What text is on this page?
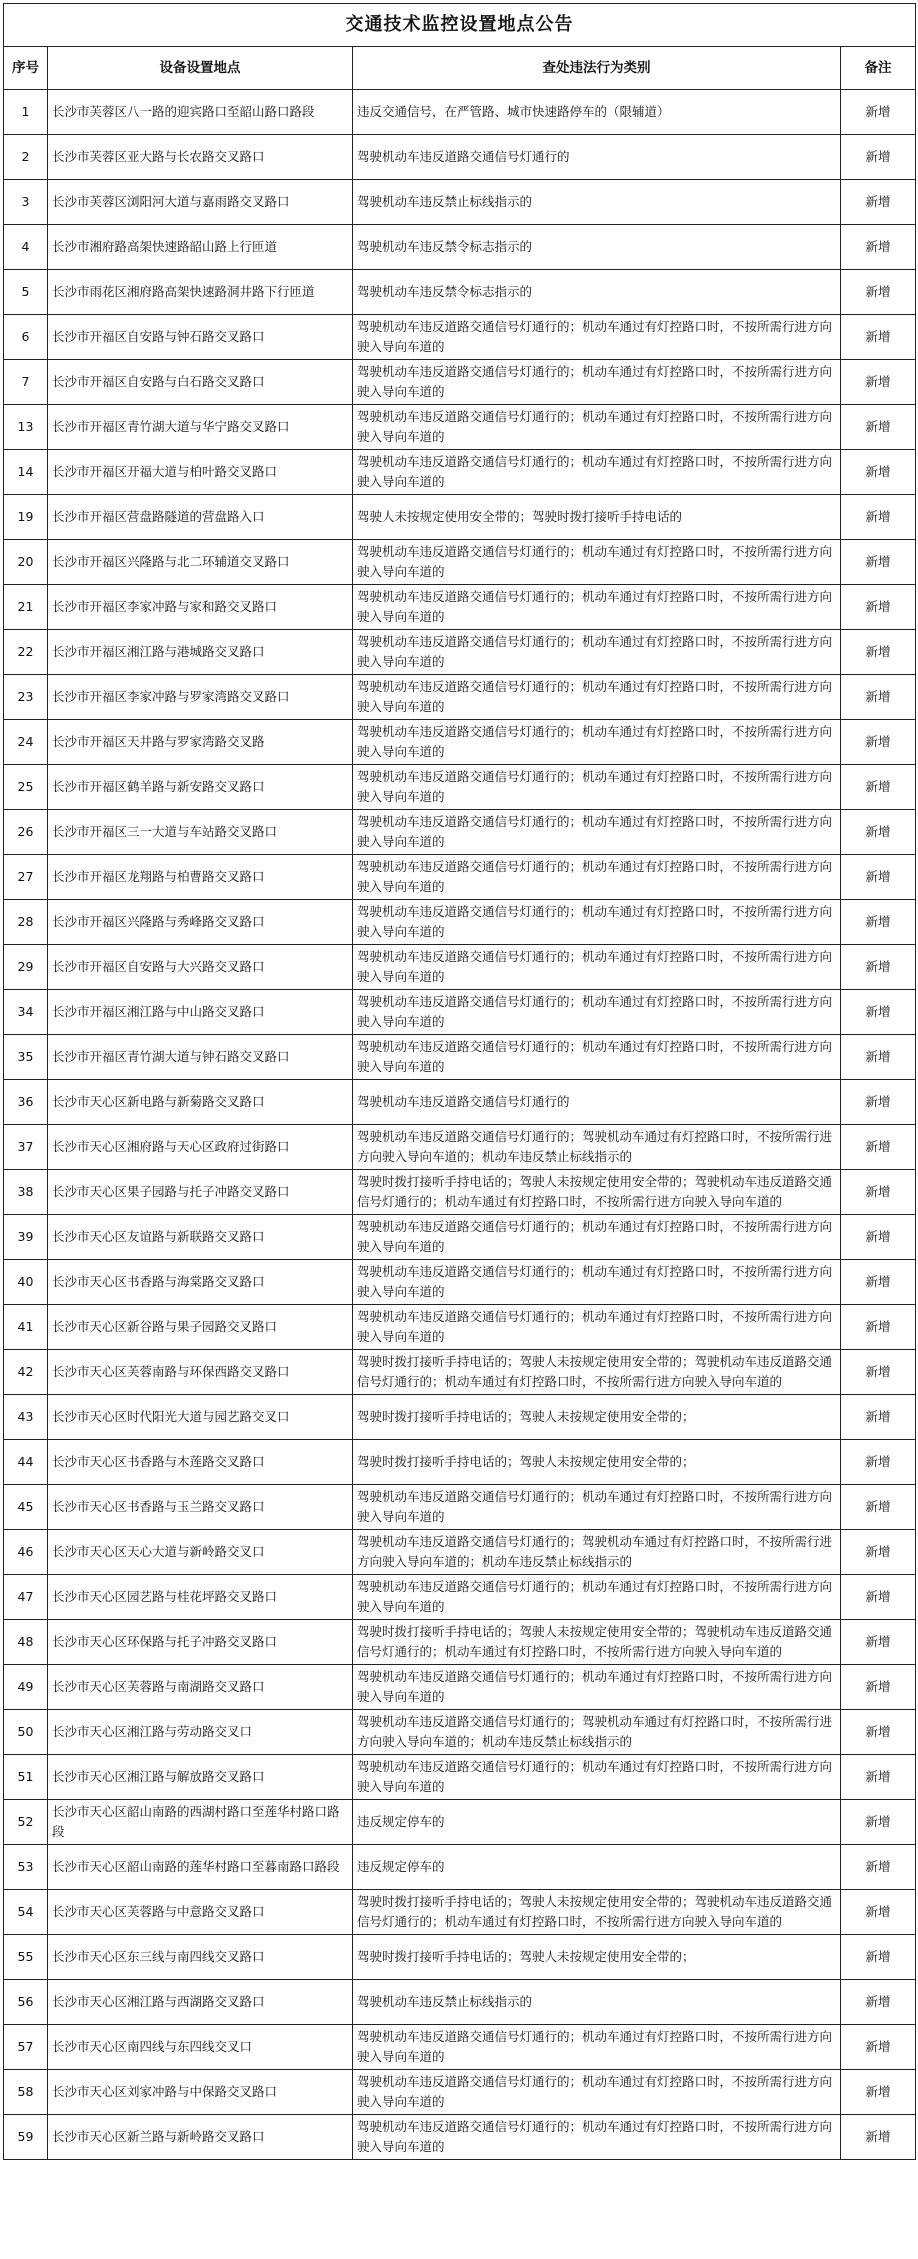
交通技术监控设置地点公告			
序号	设备设置地点	查处违法行为类别	备注
1	长沙市芙蓉区八一路的迎宾路口至韶山路口路段	违反交通信号，在严管路、城市快速路停车的（限辅道）	新增
2	长沙市芙蓉区亚大路与长农路交叉路口	驾驶机动车违反道路交通信号灯通行的	新增
3	长沙市芙蓉区浏阳河大道与嘉雨路交叉路口	驾驶机动车违反禁止标线指示的	新增
4	长沙市湘府路高架快速路韶山路上行匝道	驾驶机动车违反禁令标志指示的	新增
5	长沙市雨花区湘府路高架快速路洞井路下行匝道	驾驶机动车违反禁令标志指示的	新增
6	长沙市开福区自安路与钟石路交叉路口	驾驶机动车违反道路交通信号灯通行的；机动车通过有灯控路口时，不按所需行进方向驶入导向车道的	新增
7	长沙市开福区自安路与白石路交叉路口	驾驶机动车违反道路交通信号灯通行的；机动车通过有灯控路口时，不按所需行进方向驶入导向车道的	新增
13	长沙市开福区青竹湖大道与华宁路交叉路口	驾驶机动车违反道路交通信号灯通行的；机动车通过有灯控路口时，不按所需行进方向驶入导向车道的	新增
14	长沙市开福区开福大道与柏叶路交叉路口	驾驶机动车违反道路交通信号灯通行的；机动车通过有灯控路口时，不按所需行进方向驶入导向车道的	新增
19	长沙市开福区营盘路隧道的营盘路入口	驾驶人未按规定使用安全带的；驾驶时拨打接听手持电话的	新增
20	长沙市开福区兴隆路与北二环辅道交叉路口	驾驶机动车违反道路交通信号灯通行的；机动车通过有灯控路口时，不按所需行进方向驶入导向车道的	新增
21	长沙市开福区李家冲路与家和路交叉路口	驾驶机动车违反道路交通信号灯通行的；机动车通过有灯控路口时，不按所需行进方向驶入导向车道的	新增
22	长沙市开福区湘江路与港城路交叉路口	驾驶机动车违反道路交通信号灯通行的；机动车通过有灯控路口时，不按所需行进方向驶入导向车道的	新增
23	长沙市开福区李家冲路与罗家湾路交叉路口	驾驶机动车违反道路交通信号灯通行的；机动车通过有灯控路口时，不按所需行进方向驶入导向车道的	新增
24	长沙市开福区天井路与罗家湾路交叉路	驾驶机动车违反道路交通信号灯通行的；机动车通过有灯控路口时，不按所需行进方向驶入导向车道的	新增
25	长沙市开福区鹤羊路与新安路交叉路口	驾驶机动车违反道路交通信号灯通行的；机动车通过有灯控路口时，不按所需行进方向驶入导向车道的	新增
26	长沙市开福区三一大道与车站路交叉路口	驾驶机动车违反道路交通信号灯通行的；机动车通过有灯控路口时，不按所需行进方向驶入导向车道的	新增
27	长沙市开福区龙翔路与柏曹路交叉路口	驾驶机动车违反道路交通信号灯通行的；机动车通过有灯控路口时，不按所需行进方向驶入导向车道的	新增
28	长沙市开福区兴隆路与秀峰路交叉路口	驾驶机动车违反道路交通信号灯通行的；机动车通过有灯控路口时，不按所需行进方向驶入导向车道的	新增
29	长沙市开福区自安路与大兴路交叉路口	驾驶机动车违反道路交通信号灯通行的；机动车通过有灯控路口时，不按所需行进方向驶入导向车道的	新增
34	长沙市开福区湘江路与中山路交叉路口	驾驶机动车违反道路交通信号灯通行的；机动车通过有灯控路口时，不按所需行进方向驶入导向车道的	新增
35	长沙市开福区青竹湖大道与钟石路交叉路口	驾驶机动车违反道路交通信号灯通行的；机动车通过有灯控路口时，不按所需行进方向驶入导向车道的	新增
36	长沙市天心区新电路与新菊路交叉路口	驾驶机动车违反道路交通信号灯通行的	新增
37	长沙市天心区湘府路与天心区政府过街路口	驾驶机动车违反道路交通信号灯通行的；驾驶机动车通过有灯控路口时，不按所需行进方向驶入导向车道的；机动车违反禁止标线指示的	新增
38	长沙市天心区果子园路与托子冲路交叉路口	驾驶时拨打接听手持电话的；驾驶人未按规定使用安全带的；驾驶机动车违反道路交通信号灯通行的；机动车通过有灯控路口时，不按所需行进方向驶入导向车道的	新增
39	长沙市天心区友谊路与新联路交叉路口	驾驶机动车违反道路交通信号灯通行的；机动车通过有灯控路口时，不按所需行进方向驶入导向车道的	新增
40	长沙市天心区书香路与海棠路交叉路口	驾驶机动车违反道路交通信号灯通行的；机动车通过有灯控路口时，不按所需行进方向驶入导向车道的	新增
41	长沙市天心区新谷路与果子园路交叉路口	驾驶机动车违反道路交通信号灯通行的；机动车通过有灯控路口时，不按所需行进方向驶入导向车道的	新增
42	长沙市天心区芙蓉南路与环保西路交叉路口	驾驶时拨打接听手持电话的；驾驶人未按规定使用安全带的；驾驶机动车违反道路交通信号灯通行的；机动车通过有灯控路口时，不按所需行进方向驶入导向车道的	新增
43	长沙市天心区时代阳光大道与园艺路交叉口	驾驶时拨打接听手持电话的；驾驶人未按规定使用安全带的；	新增
44	长沙市天心区书香路与木莲路交叉路口	驾驶时拨打接听手持电话的；驾驶人未按规定使用安全带的；	新增
45	长沙市天心区书香路与玉兰路交叉路口	驾驶机动车违反道路交通信号灯通行的；机动车通过有灯控路口时，不按所需行进方向驶入导向车道的	新增
46	长沙市天心区天心大道与新岭路交叉口	驾驶机动车违反道路交通信号灯通行的；驾驶机动车通过有灯控路口时，不按所需行进方向驶入导向车道的；机动车违反禁止标线指示的	新增
47	长沙市天心区园艺路与桂花坪路交叉路口	驾驶机动车违反道路交通信号灯通行的；机动车通过有灯控路口时，不按所需行进方向驶入导向车道的	新增
48	长沙市天心区环保路与托子冲路交叉路口	驾驶时拨打接听手持电话的；驾驶人未按规定使用安全带的；驾驶机动车违反道路交通信号灯通行的；机动车通过有灯控路口时，不按所需行进方向驶入导向车道的	新增
49	长沙市天心区芙蓉路与南湖路交叉路口	驾驶机动车违反道路交通信号灯通行的；机动车通过有灯控路口时，不按所需行进方向驶入导向车道的	新增
50	长沙市天心区湘江路与劳动路交叉口	驾驶机动车违反道路交通信号灯通行的；驾驶机动车通过有灯控路口时，不按所需行进方向驶入导向车道的；机动车违反禁止标线指示的	新增
51	长沙市天心区湘江路与解放路交叉路口	驾驶机动车违反道路交通信号灯通行的；机动车通过有灯控路口时，不按所需行进方向驶入导向车道的	新增
52	长沙市天心区韶山南路的西湖村路口至莲华村路口路段	违反规定停车的	新增
53	长沙市天心区韶山南路的莲华村路口至暮南路口路段	违反规定停车的	新增
54	长沙市天心区芙蓉路与中意路交叉路口	驾驶时拨打接听手持电话的；驾驶人未按规定使用安全带的；驾驶机动车违反道路交通信号灯通行的；机动车通过有灯控路口时，不按所需行进方向驶入导向车道的	新增
55	长沙市天心区东三线与南四线交叉路口	驾驶时拨打接听手持电话的；驾驶人未按规定使用安全带的；	新增
56	长沙市天心区湘江路与西湖路交叉路口	驾驶机动车违反禁止标线指示的	新增
57	长沙市天心区南四线与东四线交叉口	驾驶机动车违反道路交通信号灯通行的；机动车通过有灯控路口时，不按所需行进方向驶入导向车道的	新增
58	长沙市天心区刘家冲路与中保路交叉路口	驾驶机动车违反道路交通信号灯通行的；机动车通过有灯控路口时，不按所需行进方向驶入导向车道的	新增
59	长沙市天心区新兰路与新岭路交叉路口	驾驶机动车违反道路交通信号灯通行的；机动车通过有灯控路口时，不按所需行进方向驶入导向车道的	新增
